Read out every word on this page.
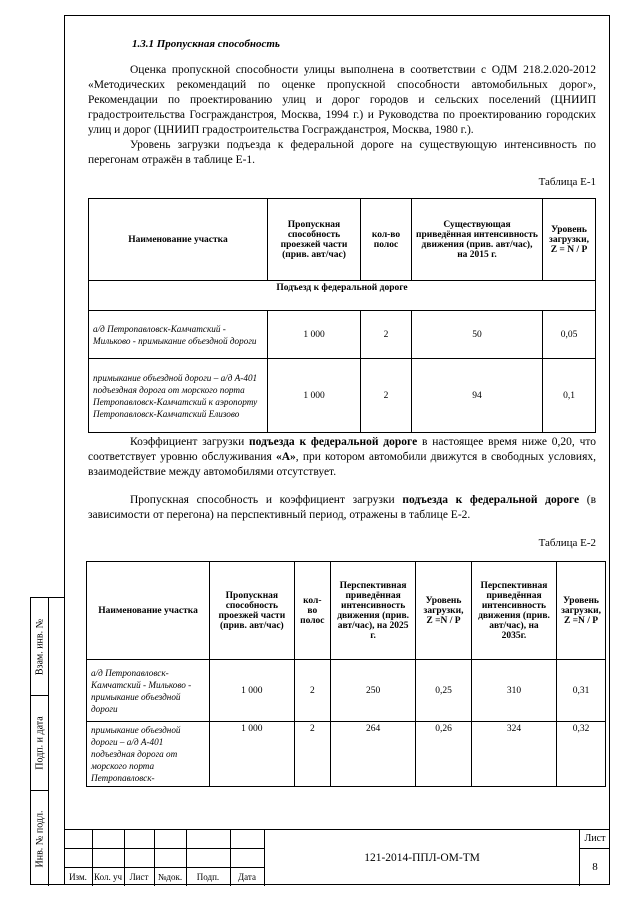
Взам. инв. №
Подп. и дата
Инв. № подл.
1.3.1 Пропускная способность

Оценка пропускной способности улицы выполнена в соответствии с ОДМ 218.2.020-2012 «Методических рекомендаций по оценке пропускной способности автомобильных дорог», Рекомендации по проектированию улиц и дорог городов и сельских поселений (ЦНИИП градостроительства Госгражданстроя, Москва, 1994 г.) и Руководства по проектированию городских улиц и дорог (ЦНИИП градостроительства Госгражданстроя, Москва, 1980 г.).

Уровень загрузки подъезда к федеральной дороге на существующую интенсивность по перегонам отражён в таблице Е-1.

Таблица Е-1
Наименование участка	Пропускная способность проезжей части (прив. авт/час)	кол-во полос	Существующая приведённая интенсивность движения (прив. авт/час), на 2015 г.	Уровень загрузки, Z = N / P
Подъезд к федеральной дороге				
а/д Петропавловск-Камчатский - Мильково - примыкание объездной дороги	1 000	2	50	0,05
примыкание объездной дороги – а/д А-401 подъездная дорога от морского порта Петропавловск-Камчатский к аэропорту Петропавловск-Камчатский Елизово	1 000	2	94	0,1

Коэффициент загрузки подъезда к федеральной дороге в настоящее время ниже 0,20, что соответствует уровню обслуживания «А», при котором автомобили движутся в свободных условиях, взаимодействие между автомобилями отсутствует.

Пропускная способность и коэффициент загрузки подъезда к федеральной дороге (в зависимости от перегона) на перспективный период, отражены в таблице Е-2.

Таблица Е-2
Наименование участка	Пропускная способность проезжей части (прив. авт/час)	кол-во полос	Перспективная приведённая интенсивность движения (прив. авт/час), на 2025 г.	Уровень загрузки, Z =N / P	Перспективная приведённая интенсивность движения (прив. авт/час), на 2035г.	Уровень загрузки, Z =N / P
а/д Петропавловск-Камчатский - Мильково - примыкание объездной дороги	1 000	2	250	0,25	310	0,31
примыкание объездной дороги – а/д А-401 подъездная дорога от морского порта Петропавловск-	1 000	2	264	0,26	324	0,32
Изм. Кол. уч Лист	№док.	Подп.	Дата
121-2014-ППЛ-ОМ-ТМ
Лист
8
